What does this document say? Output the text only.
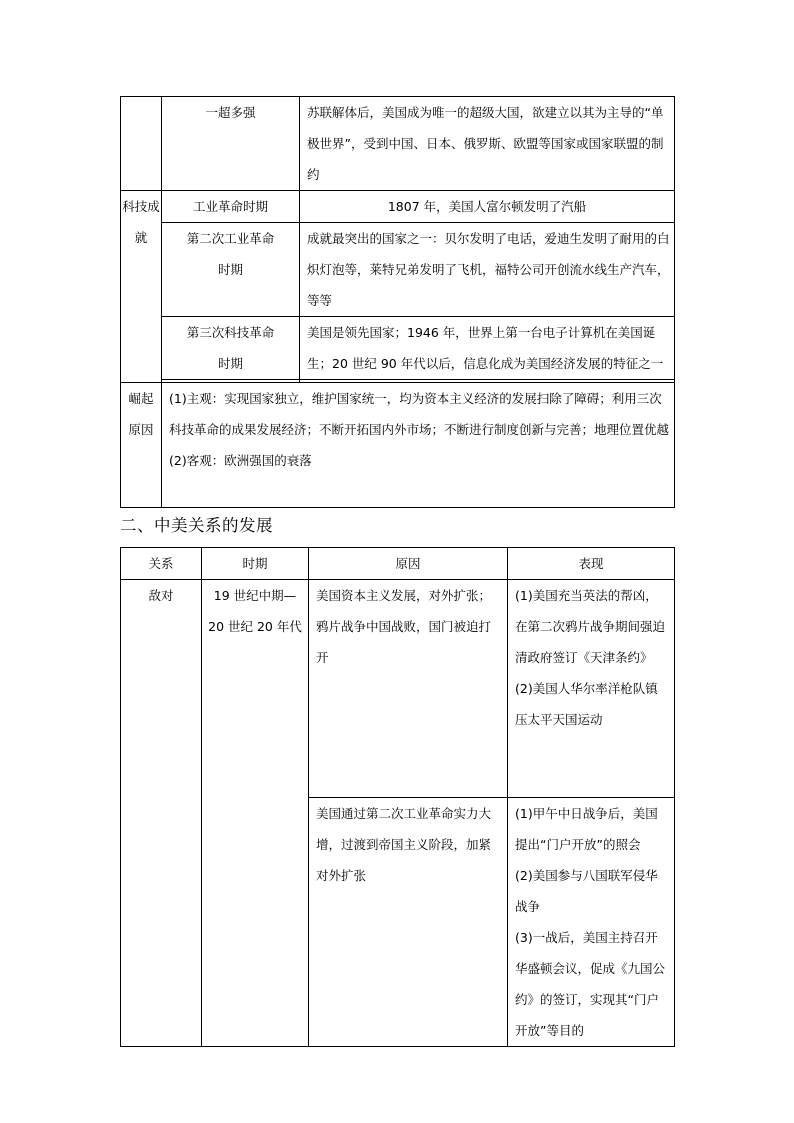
	一超多强	苏联解体后，美国成为唯一的超级大国，欲建立以其为主导的“单极世界”，受到中国、日本、俄罗斯、欧盟等国家或国家联盟的制约
科技成就	工业革命时期	1807 年，美国人富尔顿发明了汽船
	第二次工业革命时期	成就最突出的国家之一：贝尔发明了电话，爱迪生发明了耐用的白炽灯泡等，莱特兄弟发明了飞机，福特公司开创流水线生产汽车，等等
	第三次科技革命时期	美国是领先国家；1946 年，世界上第一台电子计算机在美国诞生；20 世纪 90 年代以后，信息化成为美国经济发展的特征之一

崛起原因	(1)主观：实现国家独立，维护国家统一，均为资本主义经济的发展扫除了障碍；利用三次科技革命的成果发展经济；不断开拓国内外市场；不断进行制度创新与完善；地理位置优越
(2)客观：欧洲强国的衰落	
二、中美关系的发展
关系	时期	原因	表现
敌对	19 世纪中期—20 世纪 20 年代	美国资本主义发展，对外扩张；鸦片战争中国战败，国门被迫打开	(1)美国充当英法的帮凶，在第二次鸦片战争期间强迫清政府签订《天津条约》
(2)美国人华尔率洋枪队镇压太平天国运动

		美国通过第二次工业革命实力大增，过渡到帝国主义阶段，加紧对外扩张	(1)甲午中日战争后，美国提出“门户开放”的照会
(2)美国参与八国联军侵华战争
(3)一战后，美国主持召开华盛顿会议，促成《九国公约》的签订，实现其“门户开放”等目的
